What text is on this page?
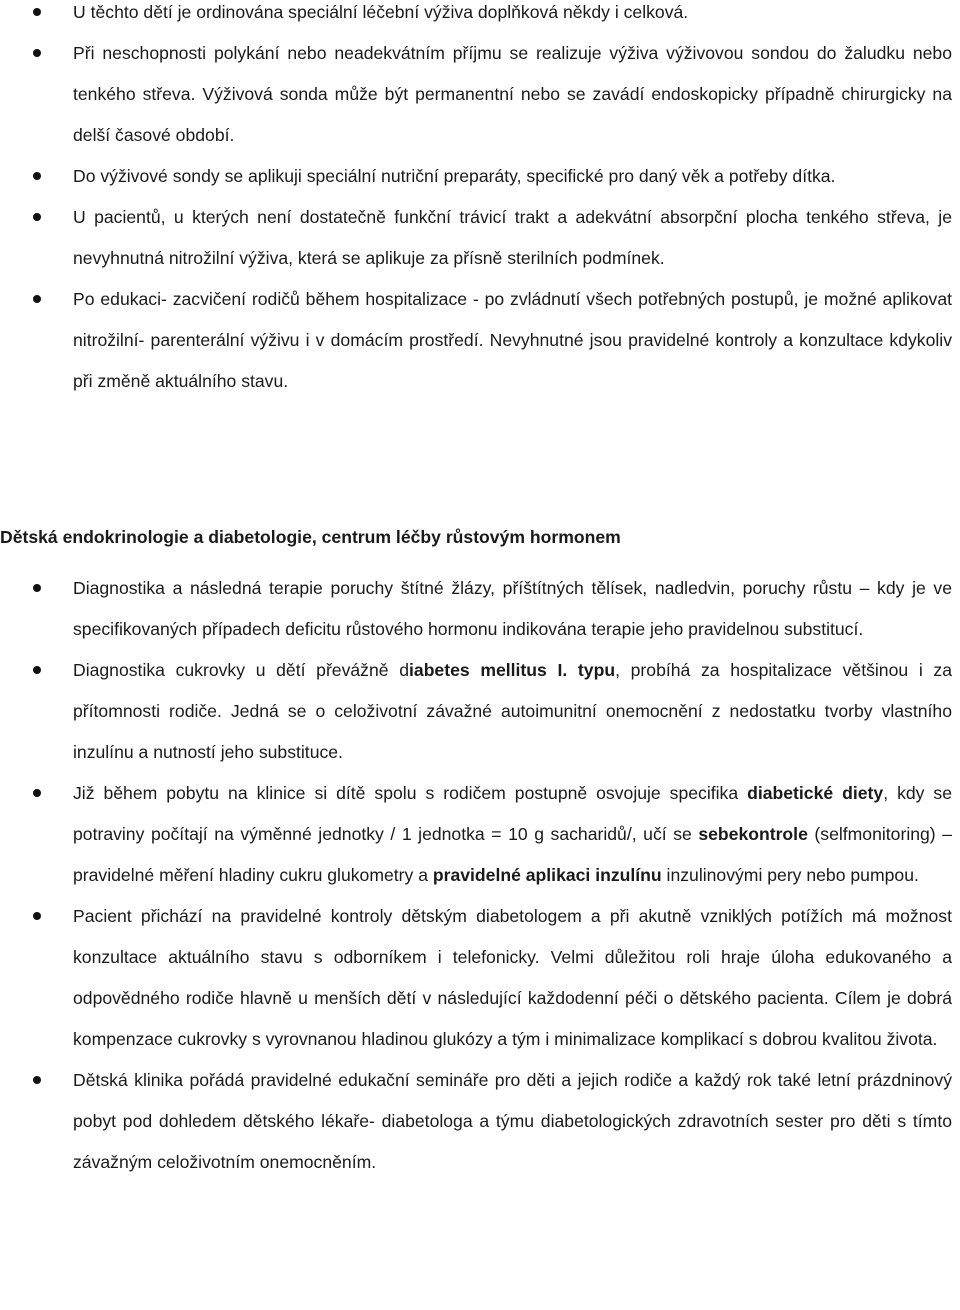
U těchto dětí je ordinována speciální léčební výživa doplňková někdy i celková.
Při neschopnosti polykání nebo neadekvátním příjmu se realizuje výživa výživovou sondou do žaludku nebo tenkého střeva. Výživová sonda může být permanentní nebo se zavádí endoskopicky případně chirurgicky na delší časové období.
Do výživové sondy se aplikuji speciální nutriční preparáty, specifické pro daný věk a potřeby dítka.
U pacientů, u kterých není dostatečně funkční trávicí trakt a adekvátní absorpční plocha tenkého střeva, je nevyhnutná nitrožilní výživa, která se aplikuje za přísně sterilních podmínek.
Po edukaci- zacvičení rodičů během hospitalizace - po zvládnutí všech potřebných postupů, je možné aplikovat nitrožilní- parenterální výživu i v domácím prostředí. Nevyhnutné jsou pravidelné kontroly a konzultace kdykoliv při změně aktuálního stavu.
Dětská endokrinologie a diabetologie, centrum léčby růstovým hormonem
Diagnostika a následná terapie poruchy štítné žlázy, příštítných tělísek, nadledvin, poruchy růstu – kdy je ve specifikovaných případech deficitu růstového hormonu indikována terapie jeho pravidelnou substitucí.
Diagnostika cukrovky u dětí převážně diabetes mellitus I. typu, probíhá za hospitalizace většinou i za přítomnosti rodiče. Jedná se o celoživotní závažné autoimunitní onemocnění z nedostatku tvorby vlastního inzulínu a nutností jeho substituce.
Již během pobytu na klinice si dítě spolu s rodičem postupně osvojuje specifika diabetické diety, kdy se potraviny počítají na výměnné jednotky / 1 jednotka = 10 g sacharidů/, učí se sebekontrole (selfmonitoring) – pravidelné měření hladiny cukru glukometry a pravidelné aplikaci inzulínu inzulinovými pery nebo pumpou.
Pacient přichází na pravidelné kontroly dětským diabetologem a při akutně vzniklých potížích má možnost konzultace aktuálního stavu s odborníkem i telefonicky. Velmi důležitou roli hraje úloha edukovaného a odpovědného rodiče hlavně u menších dětí v následující každodenní péči o dětského pacienta. Cílem je dobrá kompenzace cukrovky s vyrovnanou hladinou glukózy a tým i minimalizace komplikací s dobrou kvalitou života.
Dětská klinika pořádá pravidelné edukační semináře pro děti a jejich rodiče a každý rok také letní prázdninový pobyt pod dohledem dětského lékaře- diabetologa a týmu diabetologických zdravotních sester pro děti s tímto závažným celoživotním onemocněním.
